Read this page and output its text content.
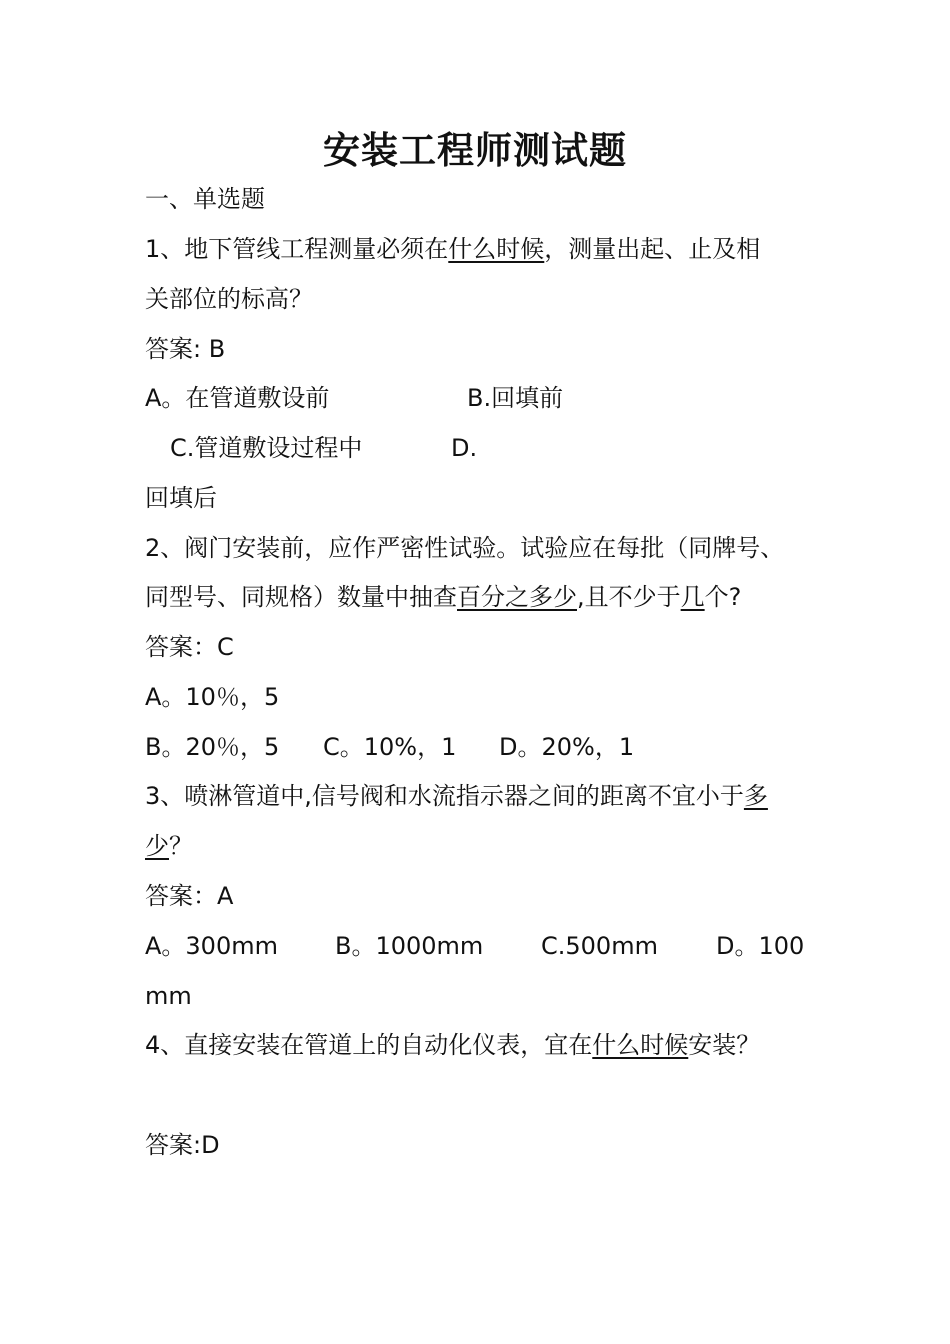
安装工程师测试题
一、单选题
1、地下管线工程测量必须在什么时候，测量出起、止及相
关部位的标高？
答案: B
A。在管道敷设前	B.回填前
C.管道敷设过程中	D.
回填后
2、阀门安装前，应作严密性试验。试验应在每批（同牌号、
同型号、同规格）数量中抽查百分之多少,且不少于几个?
答案：C
A。10％，5
B。20％，5 C。10%，1 D。20%，1
3、喷淋管道中,信号阀和水流指示器之间的距离不宜小于多
少？
答案：A
A。300mm B。1000mm C.500mm D。100
mm
4、直接安装在管道上的自动化仪表，宜在什么时候安装？
答案:D
